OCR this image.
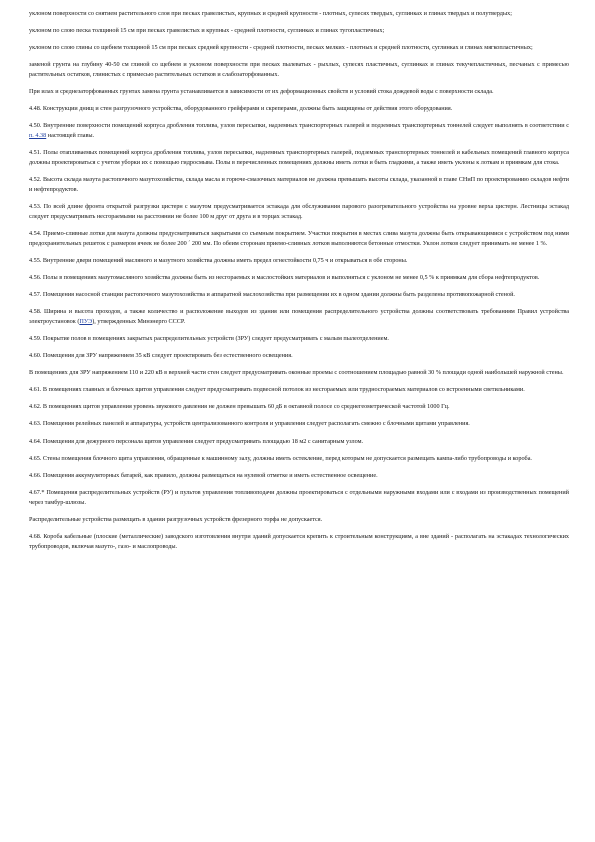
уклоном поверхности со снятием растительного слоя при песках гравелистых, крупных и средней крупности - плотных, супесях твердых, суглинках и глинах твердых и полутвердых;

уклоном по слою песка толщиной 15 см при песках гравелистых и крупных - средней плотности, суглинках и глинах тугопластичных;

уклоном по слою глины со щебнем толщиной 15 см при песках средней крупности - средней плотности, песках мелких - плотных и средней плотности, суглинках и глинах мягкопластичных;

заменой грунта на глубину 40-50 см глиной со щебнем и уклоном поверхности при песках пылеватых - рыхлых, супесях пластичных, суглинках и глинах текучепластичных, песчаных с примесью растительных остатков, глинистых с примесью растительных остатков и слабозаторфованных.

При илах и среднезаторфованных грунтах замена грунта устанавливается в зависимости от их деформационных свойств и условий стока дождевой воды с поверхности склада.

4.48. Конструкции днищ и стен разгрузочного устройства, оборудованного грейферами и скреперами, должны быть защищены от действия этого оборудования.

4.50. Внутренние поверхности помещений корпуса дробления топлива, узлов пересыпки, надземных транспортерных галерей и подземных транспортерных тоннелей следует выполнять в соответствии с п. 4.38 настоящей главы.

4.51. Полы отапливаемых помещений корпуса дробления топлива, узлов пересыпки, надземных транспортерных галерей, подземных транспортерных тоннелей и кабельных помещений главного корпуса должны проектироваться с учетом уборки их с помощью гидросмыва. Полы в перечисленных помещениях должны иметь лотки и быть гладкими, а также иметь уклоны к лоткам и приямкам для стока.

4.52. Высота склада мазута растопочного мазутохозяйства, склада масла и горюче-смазочных материалов не должна превышать высоты склада, указанной в главе СНиП по проектированию складов нефти и нефтепродуктов.

4.53. По всей длине фронта открытой разгрузки цистерн с мазутом предусматривается эстакада для обслуживания парового разогревательного устройства на уровне верха цистерн. Лестницы эстакад следует предусматривать несгораемыми на расстоянии не более 100 м друг от друга и в торцах эстакад.

4.54. Приемо-сливные лотки для мазута должны предусматриваться закрытыми со съемным покрытием. Участки покрытия в местах слива мазута должны быть открывающимися с устройством под ними предохранительных решеток с размером ячеек не более 200 ´ 200 мм. По обеим сторонам приемо-сливных лотков выполняются бетонные отмостки. Уклон лотков следует принимать не менее 1 %.

4.55. Внутренние двери помещений масляного и мазутного хозяйства должны иметь предел огнестойкости 0,75 ч и открываться в обе стороны.

4.56. Полы в помещениях мазутомасляного хозяйства должны быть из несгораемых и маслостойких материалов и выполняться с уклоном не менее 0,5 % к приямкам для сбора нефтепродуктов.

4.57. Помещения насосной станции растопочного мазутохозяйства и аппаратной маслохозяйства при размещении их в одном здании должны быть разделены противопожарной стеной.

4.58. Ширина и высота проходов, а также количество и расположение выходов из здания или помещения распределительного устройства должны соответствовать требованиям Правил устройства электроустановок (ПУЭ), утвержденных Минэнерго СССР.

4.59. Покрытие полов в помещениях закрытых распределительных устройств (ЗРУ) следует предусматривать с малым пылеотделением.

4.60. Помещения для ЗРУ напряжением 35 кВ следует проектировать без естественного освещения.

В помещениях для ЗРУ напряжением 110 и 220 кВ в верхней части стен следует предусматривать оконные проемы с соотношением площадью равной 30 % площади одной наибольшей наружной стены.

4.61. В помещениях главных и блочных щитов управления следует предусматривать подвесной потолок из несгораемых или трудносгораемых материалов со встроенными светильниками.

4.62. В помещениях щитов управления уровень звукового давления не должен превышать 60 дБ в октавной полосе со среднегеометрической частотой 1000 Гц.

4.63. Помещения релейных панелей и аппаратуры, устройств централизованного контроля и управления следует располагать смежно с блочными щитами управления.

4.64. Помещения для дежурного персонала щитов управления следует предусматривать площадью 18 м2 с санитарным узлом.

4.65. Стены помещения блочного щита управления, обращенные к машинному залу, должны иметь остекление, перед которым не допускается размещать кампа-либо трубопроводы и короба.

4.66. Помещения аккумуляторных батарей, как правило, должны размещаться на нулевой отметке и иметь естественное освещение.

4.67.* Помещения распределительных устройств (РУ) и пультов управления топливоподачи должны проектироваться с отдельными наружными входами или с входами из производственных помещений через тамбур-шлюзы.

Распределительные устройства размещать в здании разгрузочных устройств фрезерного торфа не допускается.

4.68. Короба кабельные (плоские (металлические) заводского изготовления внутри зданий допускается крепить к строительным конструкциям, а вне зданий - располагать на эстакадах технологических трубопроводов, включая мазуто-, газо- и маслопроводы.
